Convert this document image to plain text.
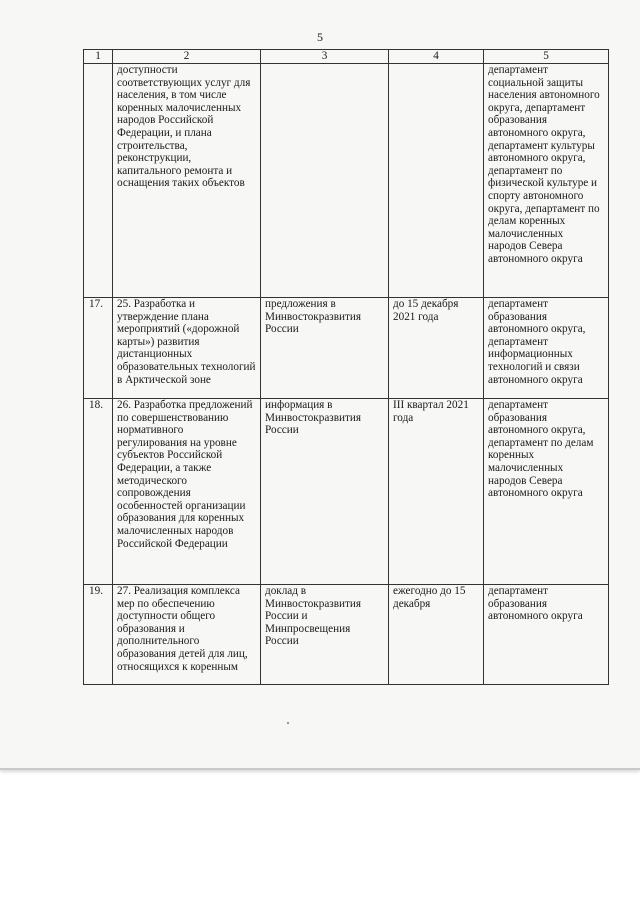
5
1	2	3	4	5
	доступности соответствующих услуг для населения, в том числе коренных малочисленных народов Российской Федерации, и плана строительства, реконструкции, капитального ремонта и оснащения таких объектов			департамент социальной защиты населения автономного округа, департамент образования автономного округа, департамент культуры автономного округа, департамент по физической культуре и спорту автономного округа, департамент по делам коренных малочисленных народов Севера автономного округа
17.	25. Разработка и утверждение плана мероприятий («дорожной карты») развития дистанционных образовательных технологий в Арктической зоне	предложения в Минвостокразвития России	до 15 декабря 2021 года	департамент образования автономного округа, департамент информационных технологий и связи автономного округа
18.	26. Разработка предложений по совершенствованию нормативного регулирования на уровне субъектов Российской Федерации, а также методического сопровождения особенностей организации образования для коренных малочисленных народов Российской Федерации	информация в Минвостокразвития России	III квартал 2021 года	департамент образования автономного округа, департамент по делам коренных малочисленных народов Севера автономного округа
19.	27. Реализация комплекса мер по обеспечению доступности общего образования и дополнительного образования детей для лиц, относящихся к коренным	доклад в Минвостокразвития России и Минпросвещения России	ежегодно до 15 декабря	департамент образования автономного округа
